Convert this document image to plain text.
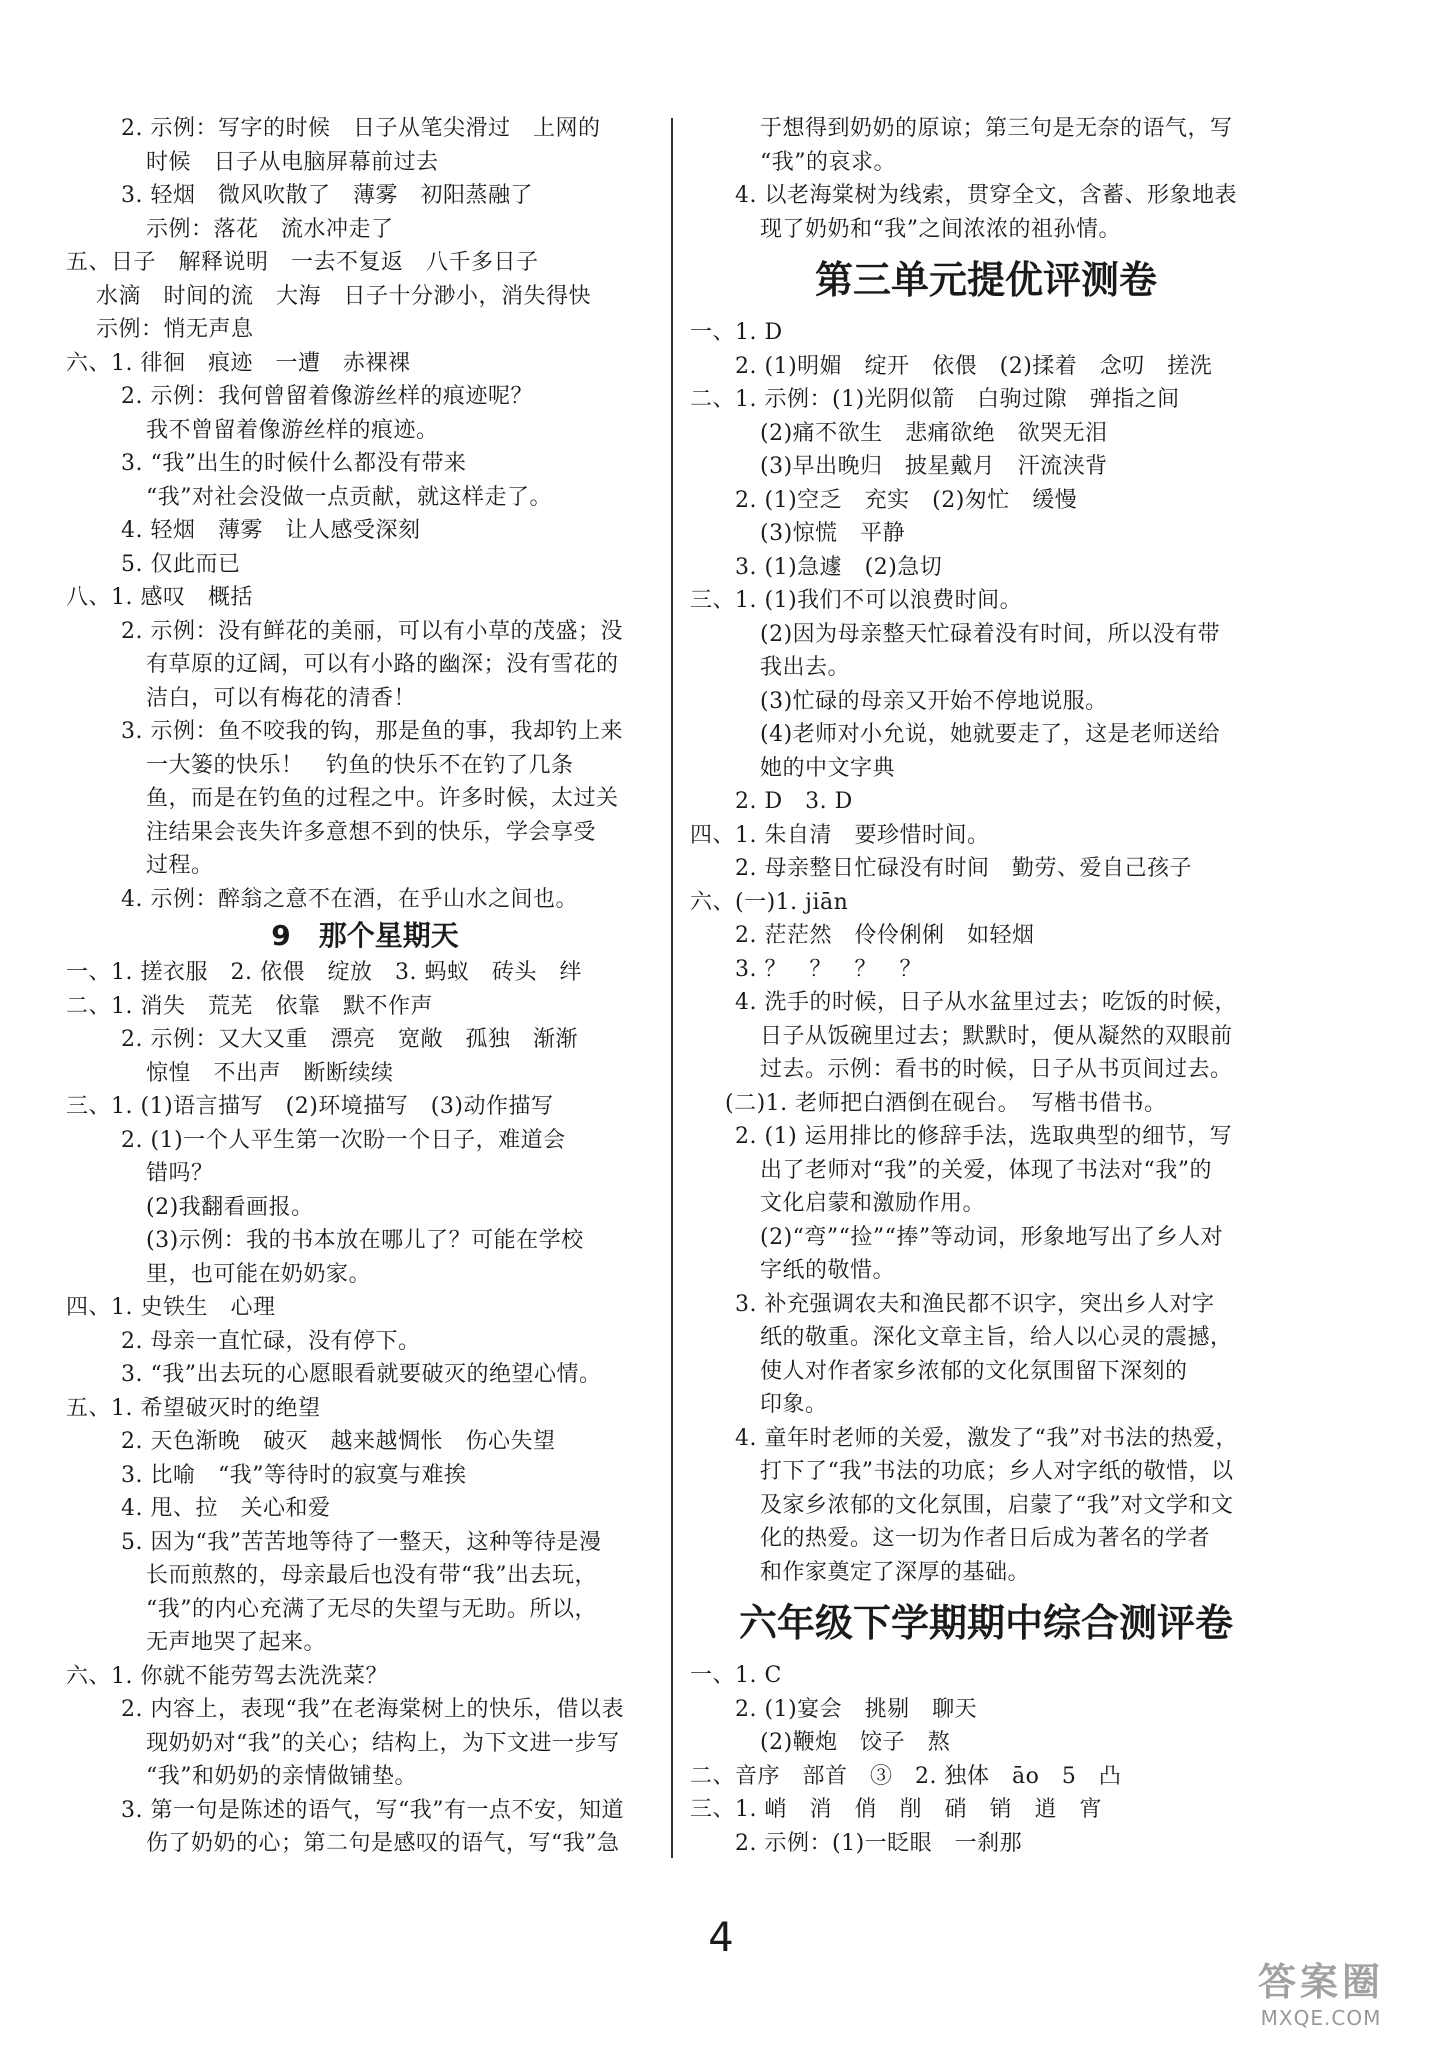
2. 示例：写字的时候　日子从笔尖滑过　上网的
时候　日子从电脑屏幕前过去
3. 轻烟　微风吹散了　薄雾　初阳蒸融了
示例：落花　流水冲走了
五、日子　解释说明　一去不复返　八千多日子
水滴　时间的流　大海　日子十分渺小，消失得快
示例：悄无声息
六、1. 徘徊　痕迹　一遭　赤裸裸
2. 示例：我何曾留着像游丝样的痕迹呢？
我不曾留着像游丝样的痕迹。
3. “我”出生的时候什么都没有带来
“我”对社会没做一点贡献，就这样走了。
4. 轻烟　薄雾　让人感受深刻
5. 仅此而已
八、1. 感叹　概括
2. 示例：没有鲜花的美丽，可以有小草的茂盛；没
有草原的辽阔，可以有小路的幽深；没有雪花的
洁白，可以有梅花的清香！
3. 示例：鱼不咬我的钩，那是鱼的事，我却钓上来
一大篓的快乐！　钓鱼的快乐不在钓了几条
鱼，而是在钓鱼的过程之中。许多时候，太过关
注结果会丧失许多意想不到的快乐，学会享受
过程。
4. 示例：醉翁之意不在酒，在乎山水之间也。
9　那个星期天
一、1. 搓衣服　2. 依偎　绽放　3. 蚂蚁　砖头　绊
二、1. 消失　荒芜　依靠　默不作声
2. 示例：又大又重　漂亮　宽敞　孤独　渐渐
惊惶　不出声　断断续续
三、1. (1)语言描写　(2)环境描写　(3)动作描写
2. (1)一个人平生第一次盼一个日子，难道会
错吗？
(2)我翻看画报。
(3)示例：我的书本放在哪儿了？可能在学校
里，也可能在奶奶家。
四、1. 史铁生　心理
2. 母亲一直忙碌，没有停下。
3. “我”出去玩的心愿眼看就要破灭的绝望心情。
五、1. 希望破灭时的绝望
2. 天色渐晚　破灭　越来越惆怅　伤心失望
3. 比喻　“我”等待时的寂寞与难挨
4. 甩、拉　关心和爱
5. 因为“我”苦苦地等待了一整天，这种等待是漫
长而煎熬的，母亲最后也没有带“我”出去玩，
“我”的内心充满了无尽的失望与无助。所以，
无声地哭了起来。
六、1. 你就不能劳驾去洗洗菜？
2. 内容上，表现“我”在老海棠树上的快乐，借以表
现奶奶对“我”的关心；结构上，为下文进一步写
“我”和奶奶的亲情做铺垫。
3. 第一句是陈述的语气，写“我”有一点不安，知道
伤了奶奶的心；第二句是感叹的语气，写“我”急
于想得到奶奶的原谅；第三句是无奈的语气，写
“我”的哀求。
4. 以老海棠树为线索，贯穿全文，含蓄、形象地表
现了奶奶和“我”之间浓浓的祖孙情。
第三单元提优评测卷
一、1. D
2. (1)明媚　绽开　依偎　(2)揉着　念叨　搓洗
二、1. 示例：(1)光阴似箭　白驹过隙　弹指之间
(2)痛不欲生　悲痛欲绝　欲哭无泪
(3)早出晚归　披星戴月　汗流浃背
2. (1)空乏　充实　(2)匆忙　缓慢
(3)惊慌　平静
3. (1)急遽　(2)急切
三、1. (1)我们不可以浪费时间。
(2)因为母亲整天忙碌着没有时间，所以没有带
我出去。
(3)忙碌的母亲又开始不停地说服。
(4)老师对小允说，她就要走了，这是老师送给
她的中文字典
2. D　3. D
四、1. 朱自清　要珍惜时间。
2. 母亲整日忙碌没有时间　勤劳、爱自己孩子
六、(一)1. jiān
2. 茫茫然　伶伶俐俐　如轻烟
3. ？　？　？　？
4. 洗手的时候，日子从水盆里过去；吃饭的时候，
日子从饭碗里过去；默默时，便从凝然的双眼前
过去。示例：看书的时候，日子从书页间过去。
(二)1. 老师把白酒倒在砚台。　写楷书借书。
2. (1) 运用排比的修辞手法，选取典型的细节，写
出了老师对“我”的关爱，体现了书法对“我”的
文化启蒙和激励作用。
(2)“弯”“捡”“捧”等动词，形象地写出了乡人对
字纸的敬惜。
3. 补充强调农夫和渔民都不识字，突出乡人对字
纸的敬重。深化文章主旨，给人以心灵的震撼，
使人对作者家乡浓郁的文化氛围留下深刻的
印象。
4. 童年时老师的关爱，激发了“我”对书法的热爱，
打下了“我”书法的功底；乡人对字纸的敬惜，以
及家乡浓郁的文化氛围，启蒙了“我”对文学和文
化的热爱。这一切为作者日后成为著名的学者
和作家奠定了深厚的基础。
六年级下学期期中综合测评卷
一、1. C
2. (1)宴会　挑剔　聊天
(2)鞭炮　饺子　熬
二、音序　部首　③　2. 独体　āo　5　凸
三、1. 峭　消　俏　削　硝　销　逍　宵
2. 示例：(1)一眨眼　一刹那
4
答案圈
MXQE.COM
